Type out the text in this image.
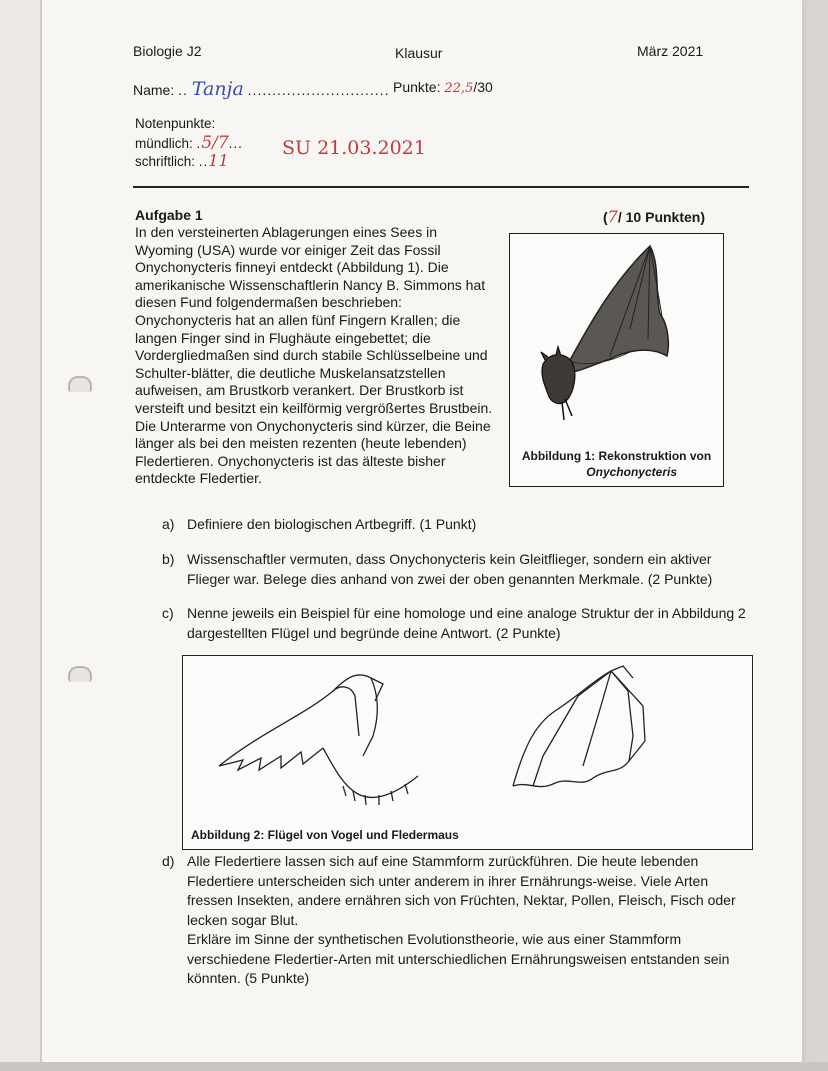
Biologie J2	Klausur	März 2021
Name: .. Tanja ............................. Punkte: 22,5/30
Notenpunkte:
mündlich: .5/7...
schriftlich: ..11
SU 21.03.2021
Aufgabe 1	(7/ 10 Punkten)

In den versteinerten Ablagerungen eines Sees in

Wyoming (USA) wurde vor einiger Zeit das Fossil

Onychonycteris finneyi entdeckt (Abbildung 1). Die

amerikanische Wissenschaftlerin Nancy B. Simmons hat

diesen Fund folgendermaßen beschrieben:

Onychonycteris hat an allen fünf Fingern Krallen; die

langen Finger sind in Flughäute eingebettet; die

Vordergliedmaßen sind durch stabile Schlüsselbeine und

Schulter-blätter, die deutliche Muskelansatzstellen

aufweisen, am Brustkorb verankert. Der Brustkorb ist

versteift und besitzt ein keilförmig vergrößertes Brustbein.

Die Unterarme von Onychonycteris sind kürzer, die Beine

länger als bei den meisten rezenten (heute lebenden)

Fledertieren. Onychonycteris ist das älteste bisher

entdeckte Fledertier.

Abbildung 1: Rekonstruktion von
Onychonycteris
a) Definiere den biologischen Artbegriff. (1 Punkt)
b) Wissenschaftler vermuten, dass Onychonycteris kein Gleitflieger, sondern ein aktiver
Flieger war. Belege dies anhand von zwei der oben genannten Merkmale. (2 Punkte)
c) Nenne jeweils ein Beispiel für eine homologe und eine analoge Struktur der in Abbildung 2
dargestellten Flügel und begründe deine Antwort. (2 Punkte)
Abbildung 2: Flügel von Vogel und Fledermaus
d) Alle Fledertiere lassen sich auf eine Stammform zurückführen. Die heute lebenden
Fledertiere unterscheiden sich unter anderem in ihrer Ernährungs-weise. Viele Arten
fressen Insekten, andere ernähren sich von Früchten, Nektar, Pollen, Fleisch, Fisch oder
lecken sogar Blut.
Erkläre im Sinne der synthetischen Evolutionstheorie, wie aus einer Stammform
verschiedene Fledertier-Arten mit unterschiedlichen Ernährungsweisen entstanden sein
könnten. (5 Punkte)
